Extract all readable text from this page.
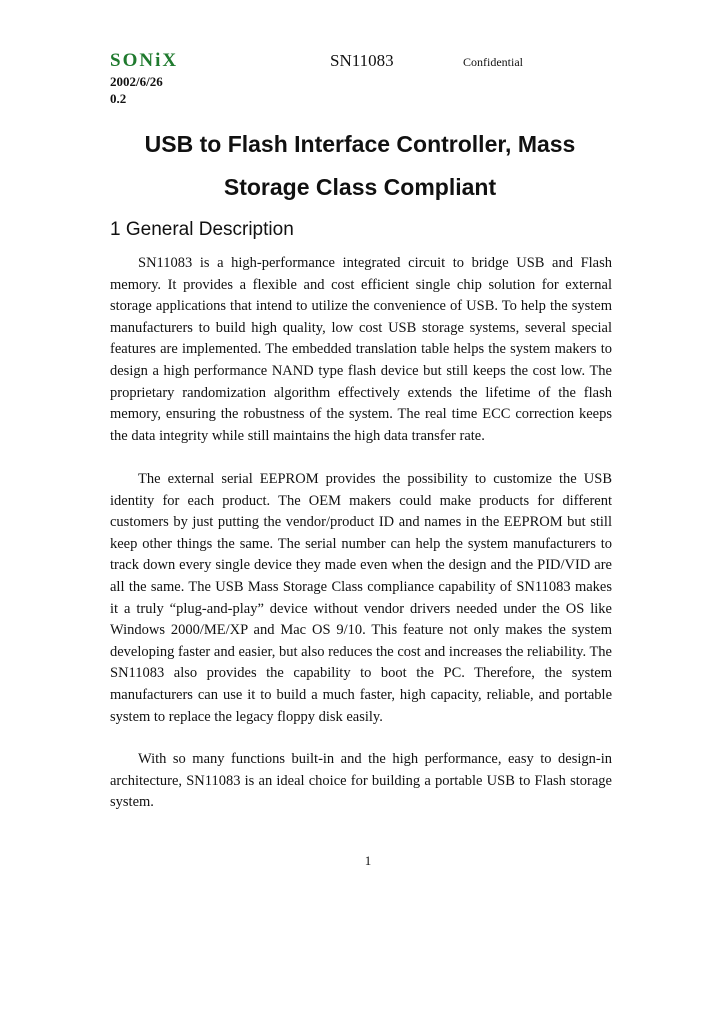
SONiX	SN11083	Confidential
2002/6/26
0.2
USB to Flash Interface Controller, Mass
Storage Class Compliant
1 General Description

SN11083 is a high-performance integrated circuit to bridge USB and Flash memory. It provides a flexible and cost efficient single chip solution for external storage applications that intend to utilize the convenience of USB. To help the system manufacturers to build high quality, low cost USB storage systems, several special features are implemented. The embedded translation table helps the system makers to design a high performance NAND type flash device but still keeps the cost low. The proprietary randomization algorithm effectively extends the lifetime of the flash memory, ensuring the robustness of the system. The real time ECC correction keeps the data integrity while still maintains the high data transfer rate.

The external serial EEPROM provides the possibility to customize the USB identity for each product. The OEM makers could make products for different customers by just putting the vendor/product ID and names in the EEPROM but still keep other things the same. The serial number can help the system manufacturers to track down every single device they made even when the design and the PID/VID are all the same. The USB Mass Storage Class compliance capability of SN11083 makes it a truly “plug-and-play” device without vendor drivers needed under the OS like Windows 2000/ME/XP and Mac OS 9/10. This feature not only makes the system developing faster and easier, but also reduces the cost and increases the reliability. The SN11083 also provides the capability to boot the PC. Therefore, the system manufacturers can use it to build a much faster, high capacity, reliable, and portable system to replace the legacy floppy disk easily.

With so many functions built-in and the high performance, easy to design-in architecture, SN11083 is an ideal choice for building a portable USB to Flash storage system.

1
